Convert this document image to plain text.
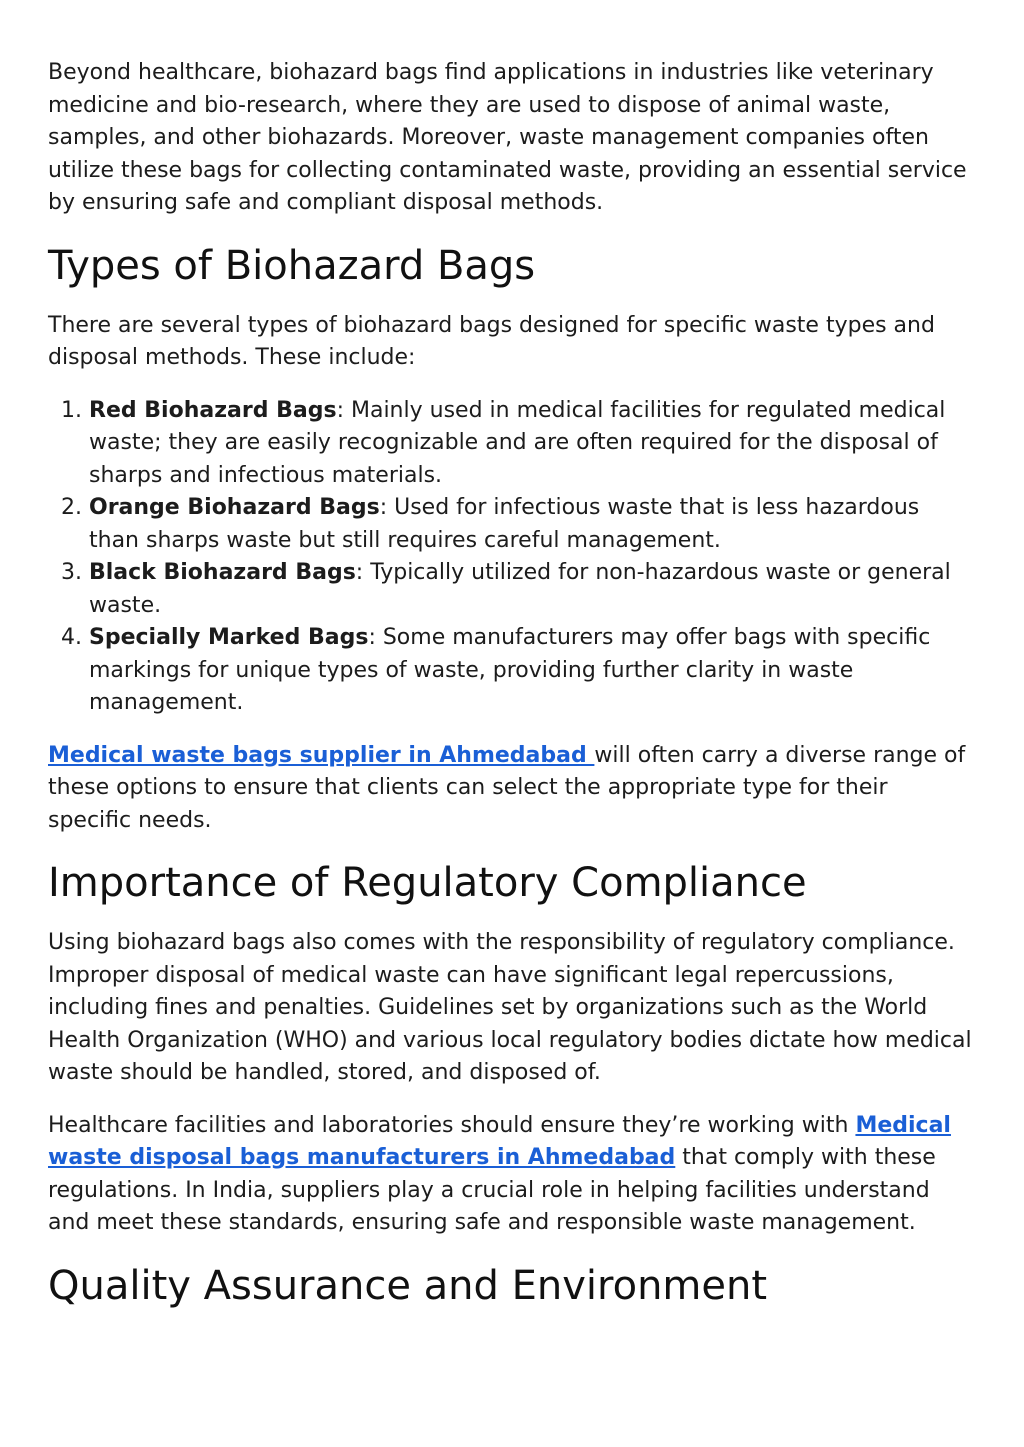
Beyond healthcare, biohazard bags find applications in industries like veterinary medicine and bio-research, where they are used to dispose of animal waste, samples, and other biohazards. Moreover, waste management companies often utilize these bags for collecting contaminated waste, providing an essential service by ensuring safe and compliant disposal methods.

Types of Biohazard Bags

There are several types of biohazard bags designed for specific waste types and disposal methods. These include:

1. Red Biohazard Bags: Mainly used in medical facilities for regulated medical waste; they are easily recognizable and are often required for the disposal of sharps and infectious materials.
2. Orange Biohazard Bags: Used for infectious waste that is less hazardous than sharps waste but still requires careful management.
3. Black Biohazard Bags: Typically utilized for non-hazardous waste or general waste.
4. Specially Marked Bags: Some manufacturers may offer bags with specific markings for unique types of waste, providing further clarity in waste management.

Medical waste bags supplier in Ahmedabad will often carry a diverse range of these options to ensure that clients can select the appropriate type for their specific needs.

Importance of Regulatory Compliance

Using biohazard bags also comes with the responsibility of regulatory compliance. Improper disposal of medical waste can have significant legal repercussions, including fines and penalties. Guidelines set by organizations such as the World Health Organization (WHO) and various local regulatory bodies dictate how medical waste should be handled, stored, and disposed of.

Healthcare facilities and laboratories should ensure they’re working with Medical waste disposal bags manufacturers in Ahmedabad that comply with these regulations. In India, suppliers play a crucial role in helping facilities understand and meet these standards, ensuring safe and responsible waste management.

Quality Assurance and Environment
